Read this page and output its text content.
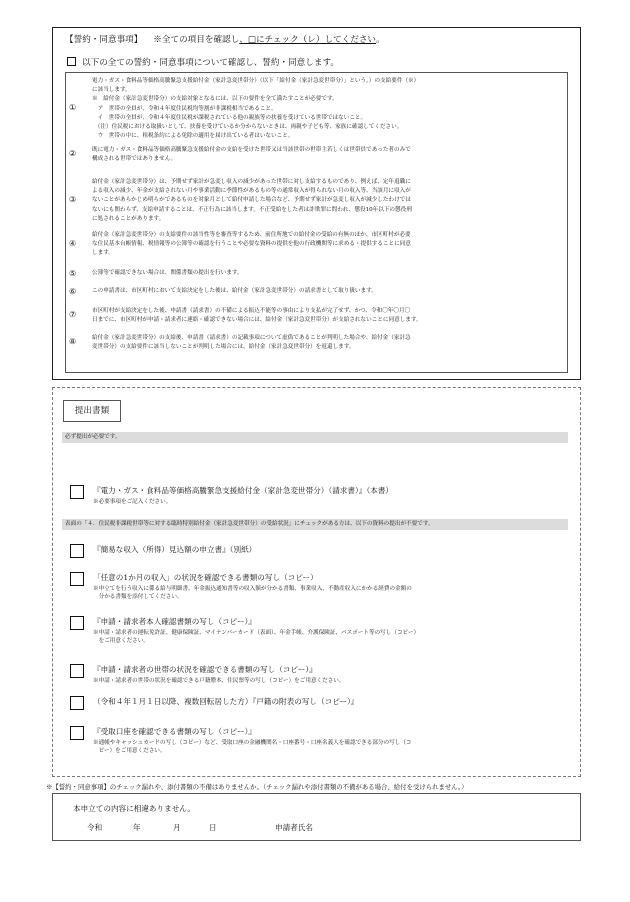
【誓約・同意事項】 ※全ての項目を確認し、□にチェック（レ）してください。
以下の全ての誓約・同意事項について確認し、誓約・同意します。
①
電力・ガス・食料品等価格高騰緊急支援給付金（家計急変世帯分）（以下「給付金（家計急変世帯分）」という。）の支給要件（※）
に該当します。
※　給付金（家計急変世帯分）の支給対象となるには、以下の要件を全て満たすことが必要です。
　ア　世帯の全員が、令和４年度住民税均等割が非課税相当であること。
　イ　世帯の全員が、令和４年度住民税が課税されている他の親族等の扶養を受けている世帯ではないこと。
　（注）住民税における取扱いとして、扶養を受けているか分からないときは、両親や子ども等、家族に確認してください。
　ウ　世帯の中に、租税条約による免除の適用を届け出ている者はいないこと。
②	既に電力・ガス・食料品等価格高騰緊急支援給付金の支給を受けた世帯又は当該世帯の世帯主若しくは世帯員であった者のみで
構成される世帯ではありません。
③
給付金（家計急変世帯分）は、予期せず家計が急変し収入の減少があった世帯に対し支給するものであり、例えば、定年退職に
よる収入の減少、年金が支給されない月や事業活動に季節性があるもの等の通常収入が得られない月の収入等、当該月に収入が
ないことがあらかじめ明らかであるものを対象月として給付申請した場合など、予期せず家計が急変し収入が減少したわけでは
ないにも関わらず、支給申請することは、不正行為に該当します。不正受給をした者は詐欺罪に問われ、懲役10年以下の懲役刑
に処されることがあります。
④
給付金（家計急変世帯分）の支給要件の該当性等を審査等するため、前住所地での給付金の受給の有無のほか、市区町村が必要
な住民基本台帳情報、税情報等の公簿等の確認を行うことや必要な資料の提供を他の行政機関等に求める・提供することに同意
します。
⑤	公簿等で確認できない場合は、関係書類の提出を行います。
⑥	この申請書は、市区町村において支給決定をした後は、給付金（家計急変世帯分）の請求書として取り扱います。
⑦	市区町村が支給決定をした後、申請書（請求書）の不備による振込不能等の事由により支払が完了せず、かつ、令和〇年〇月〇
日までに、市区町村が申請・請求者に連絡・確認できない場合には、給付金（家計急変世帯分）が支給されないことに同意します。
⑧	給付金（家計急変世帯分）の支給後、申請書（請求書）の記載事項について虚偽であることが判明した場合や、給付金（家計急
変世帯分）の支給要件に該当しないことが判明した場合には、給付金（家計急変世帯分）を返還します。
提出書類
必ず提出が必要です。
表面の「４．住民税非課税世帯等に対する臨時特別給付金（家計急変世帯分）の受給状況」にチェックがある方は、以下の資料の提出が不要です。
『電力・ガス・食料品等価格高騰緊急支援給付金（家計急変世帯分）（請求書）』（本書）
※必要事項をご記入ください。
『簡易な収入（所得）見込額の申立書』（別紙）
「任意の1か月の収入」の状況を確認できる書類の写し（コピー）
※申立てを行う収入に係る給与明細書、年金振込通知書等の収入額が分かる書類、事業収入、不動産収入にかかる経費の金額の
　分かる書類を添付してください。
『申請・請求者本人確認書類の写し（コピー）』
※申請・請求者の運転免許証、健康保険証、マイナンバーカード（表面）、年金手帳、介護保険証、パスポート等の写し（コピー）
　をご用意ください。
『申請・請求者の世帯の状況を確認できる書類の写し（コピー）』
※申請・請求者の世帯の状況を確認できる戸籍謄本、住民票等の写し（コピー）をご用意ください。
（令和４年１月１日以降、複数回転居した方）『戸籍の附表の写し（コピー）』
『受取口座を確認できる書類の写し（コピー）』
※通帳やキャッシュカードの写し（コピー）など、受取口座の金融機関名・口座番号・口座名義人を確認できる部分の写し（コ
　ピー）をご用意ください。
※【誓約・同意事項】のチェック漏れや、添付書類の不備はありませんか。（チェック漏れや添付書類の不備がある場合、給付を受けられません。）
本申立ての内容に相違ありません。
令和	年	月	日	申請者氏名
